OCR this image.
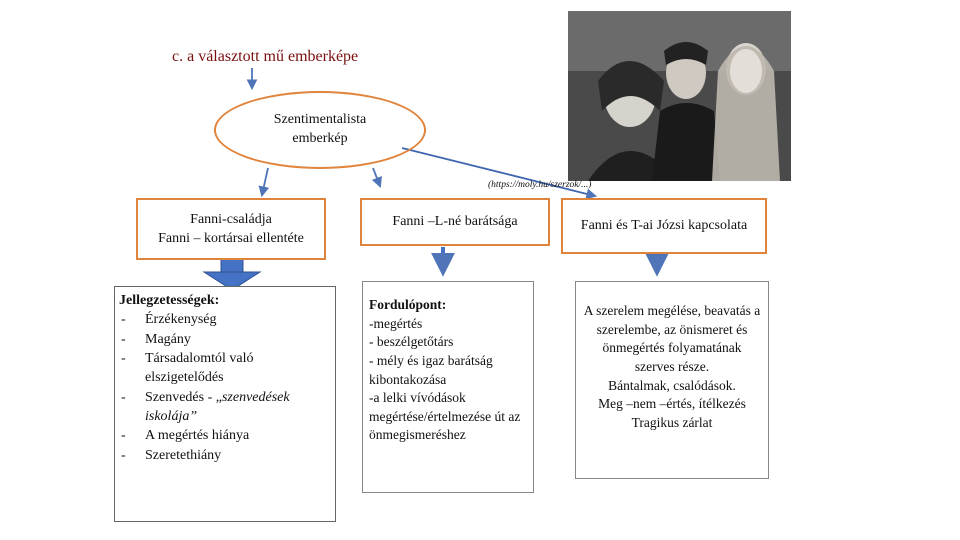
c. a választott mű emberképe
Szentimentalista
emberkép
(https://moly.hu/szerzok/...)
Fanni-családja
Fanni – kortársai ellentéte
Fanni –L-né barátsága	Fanni és T-ai Józsi kapcsolata
Jellegzetességek:
- Érzékenység
- Magány
- Társadalomtól való elszigetelődés
- Szenvedés - „szenvedések iskolája”
- A megértés hiánya
- Szeretethiány
Fordulópont:
-megértés
- beszélgetőtárs
- mély és igaz barátság kibontakozása
-a lelki vívódások megértése/értelmezése út az önmegismeréshez
A szerelem megélése, beavatás a szerelembe, az önismeret és önmegértés folyamatának szerves része.
Bántalmak, csalódások.
Meg –nem –értés, ítélkezés
Tragikus zárlat
